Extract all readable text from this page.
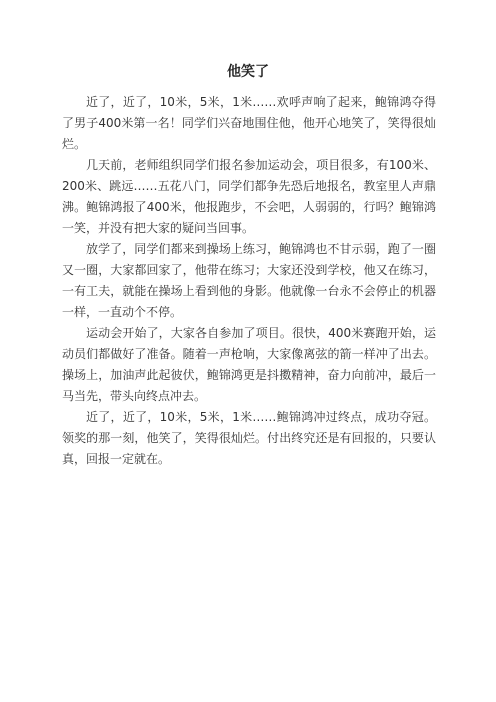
他笑了

近了，近了，10米，5米，1米……欢呼声响了起来，鲍锦鸿夺得了男子400米第一名！同学们兴奋地围住他，他开心地笑了，笑得很灿烂。

几天前，老师组织同学们报名参加运动会，项目很多，有100米、200米、跳远……五花八门，同学们都争先恐后地报名，教室里人声鼎沸。鲍锦鸿报了400米，他报跑步，不会吧，人弱弱的，行吗？鲍锦鸿一笑，并没有把大家的疑问当回事。

放学了，同学们都来到操场上练习，鲍锦鸿也不甘示弱，跑了一圈又一圈，大家都回家了，他带在练习；大家还没到学校，他又在练习，一有工夫，就能在操场上看到他的身影。他就像一台永不会停止的机器一样，一直动个不停。

运动会开始了，大家各自参加了项目。很快，400米赛跑开始，运动员们都做好了准备。随着一声枪响，大家像离弦的箭一样冲了出去。操场上，加油声此起彼伏，鲍锦鸿更是抖擞精神，奋力向前冲，最后一马当先，带头向终点冲去。

近了，近了，10米，5米，1米……鲍锦鸿冲过终点，成功夺冠。领奖的那一刻，他笑了，笑得很灿烂。付出终究还是有回报的，只要认真，回报一定就在。
